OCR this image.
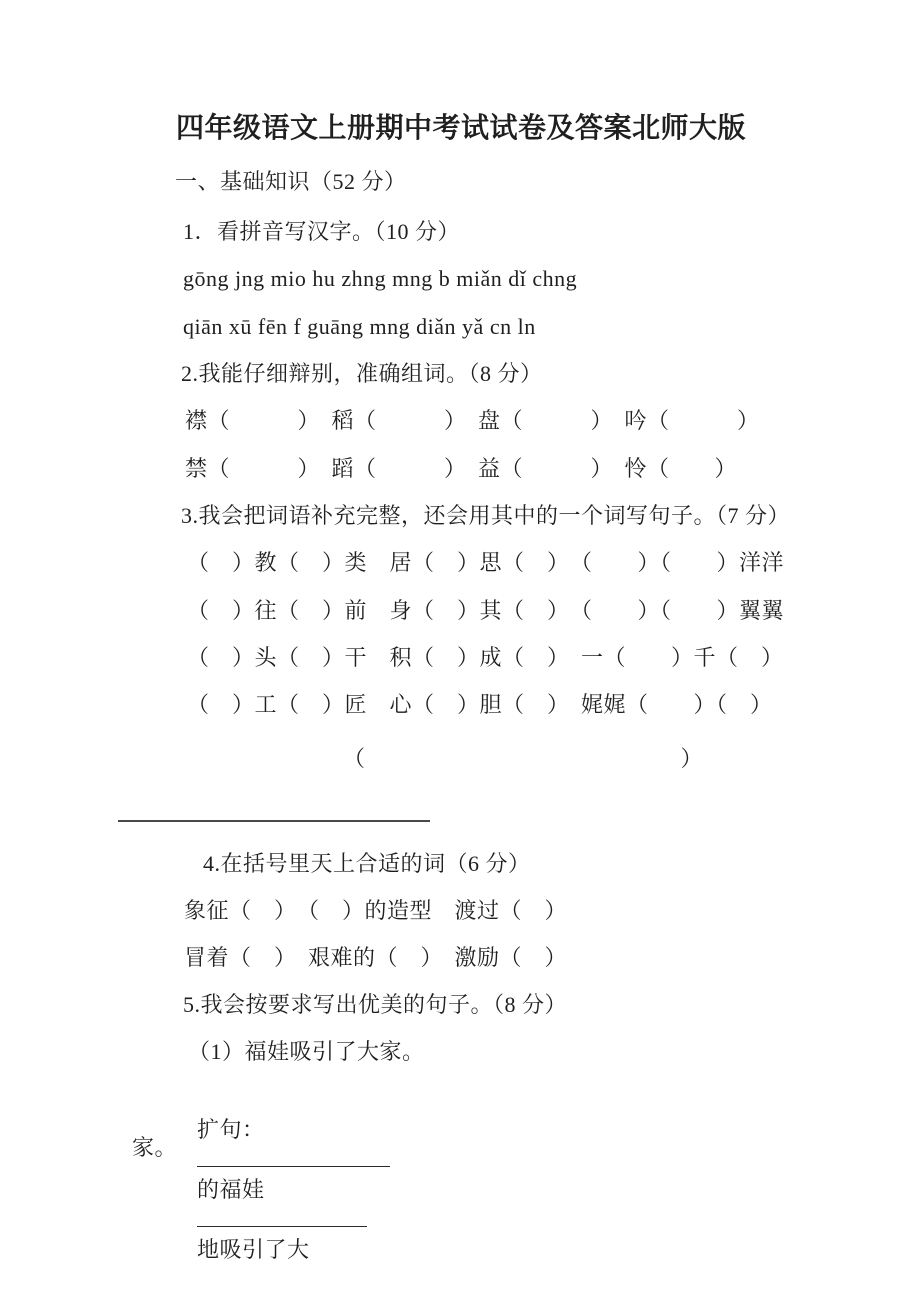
四年级语文上册期中考试试卷及答案北师大版
一、基础知识（52 分）
1．看拼音写汉字。（10 分）
gōng jng mio hu zhng mng b miǎn dǐ chng
qiān xū fēn f guāng mng diǎn yǎ cn ln
2.我能仔细辩别，准确组词。（8 分）
襟（　　　）　稻（　　　）　盘（　　　）　吟（　　　）
禁（　　　）　蹈（　　　）　益（　　　）　怜（　　）
3.我会把词语补充完整，还会用其中的一个词写句子。（7 分）
（　）教（　）类　居（　）思（　）　（　　）（　　）洋洋
（　）往（　）前　身（　）其（　）　（　　）（　　）翼翼
（　）头（　）干　积（　）成（　）　一（　　）千（　）
（　）工（　）匠　心（　）胆（　）　娓娓（　　）（　）
（　　　　　　　　　　　　　　）
4.在括号里天上合适的词（6 分）
象征（　）　（　）的造型　渡过（　）
冒着（　）　艰难的（　）　激励（　）
5.我会按要求写出优美的句子。（8 分）
（1）福娃吸引了大家。

扩句：

的福娃

地吸引了大

家。
